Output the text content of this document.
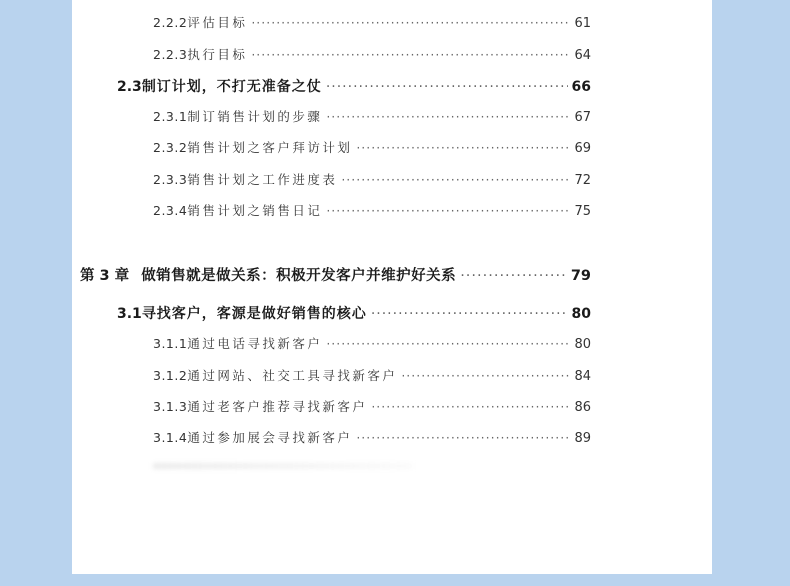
2.2.2 评估目标 ·····	61
2.2.3 执行目标 ·····	64
2.3 制订计划，不打无准备之仗 ·····	66
2.3.1 制订销售计划的步骤 ·····	67
2.3.2 销售计划之客户拜访计划 ·····	69
2.3.3 销售计划之工作进度表 ·····	72
2.3.4 销售计划之销售日记 ·····	75
第 3 章 做销售就是做关系：积极开发客户并维护好关系 ·····	79
3.1 寻找客户，客源是做好销售的核心 ·····	80
3.1.1 通过电话寻找新客户 ·····	80
3.1.2 通过网站、社交工具寻找新客户 ·····	84
3.1.3 通过老客户推荐寻找新客户 ·····	86
3.1.4 通过参加展会寻找新客户 ·····	89
